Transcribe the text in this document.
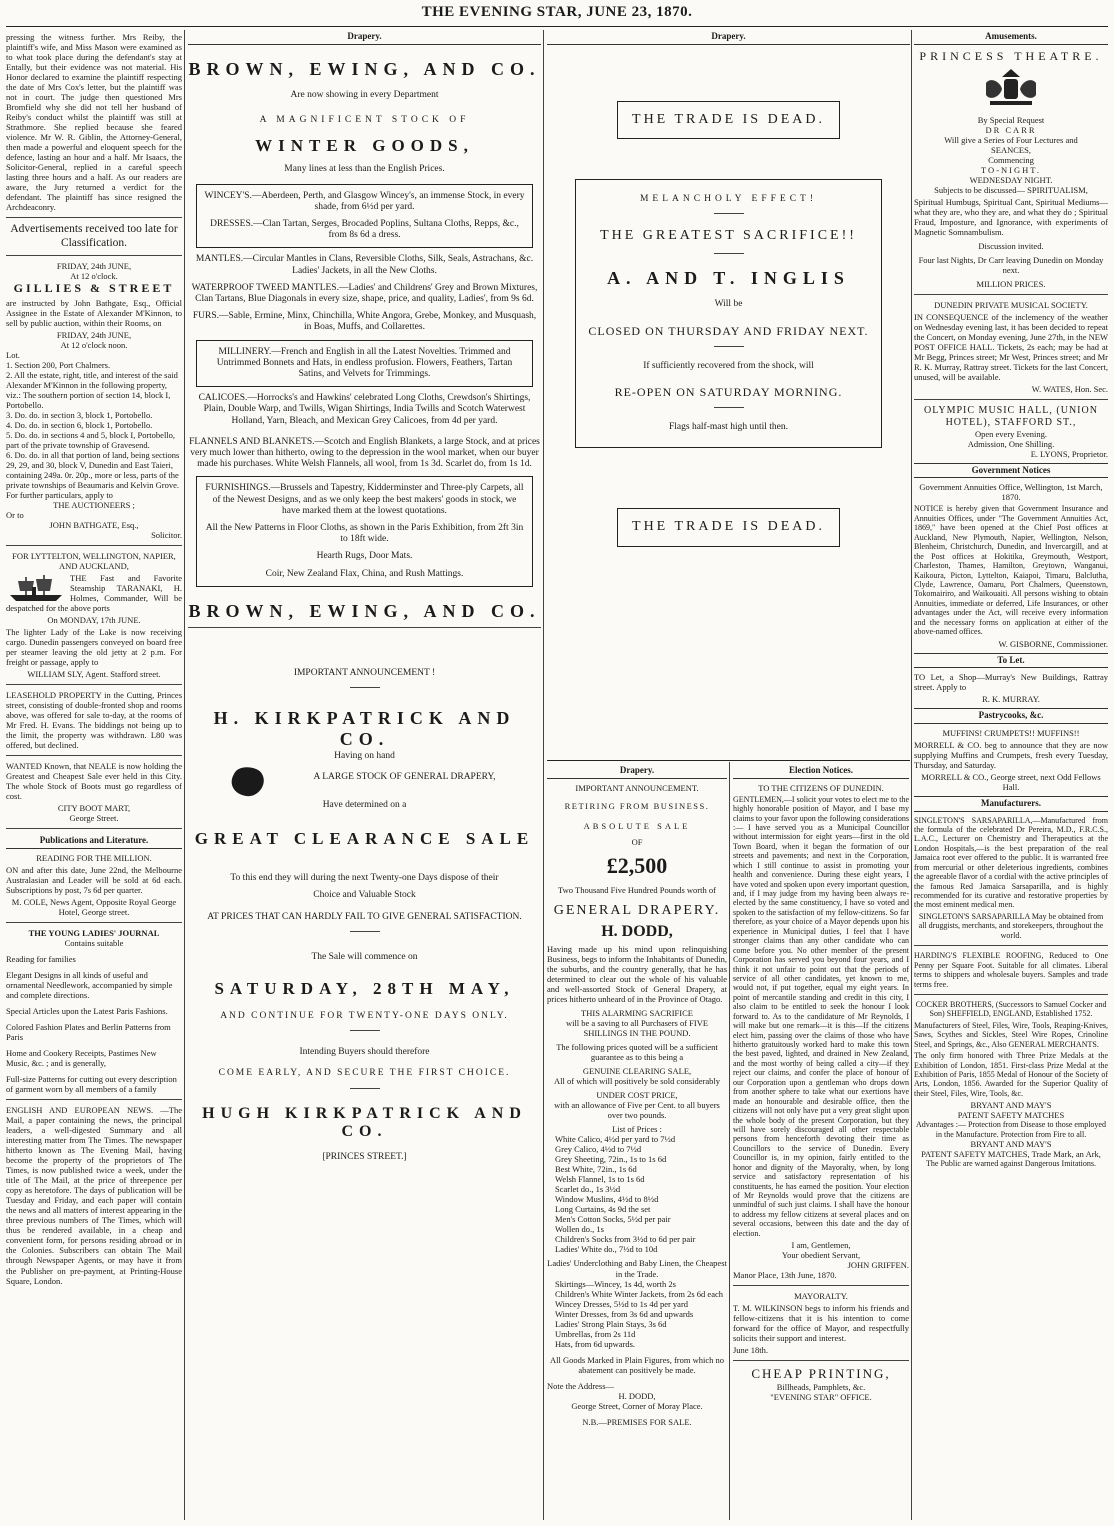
THE EVENING STAR, JUNE 23, 1870.

pressing the witness further. Mrs Reiby, the plaintiff's wife, and Miss Mason were examined as to what took place during the defendant's stay at Entally, but their evidence was not material. His Honor declared to examine the plaintiff respecting the date of Mrs Cox's letter, but the plaintiff was not in court. The judge then questioned Mrs Bromfield why she did not tell her husband of Reiby's conduct whilst the plaintiff was still at Strathmore. She replied because she feared violence. Mr W. R. Giblin, the Attorney-General, then made a powerful and eloquent speech for the defence, lasting an hour and a half. Mr Isaacs, the Solicitor-General, replied in a careful speech lasting three hours and a half. As our readers are aware, the Jury returned a verdict for the defendant. The plaintiff has since resigned the Archdeaconry.

Advertisements received too late for Classification.
FRIDAY, 24th JUNE,
At 12 o'clock.
GILLIES & STREET

are instructed by John Bathgate, Esq., Official Assignee in the Estate of Alexander M'Kinnon, to sell by public auction, within their Rooms, on

FRIDAY, 24th JUNE,
At 12 o'clock noon.
Lot.
1. Section 200, Port Chalmers.
2. All the estate, right, title, and interest of the said Alexander M'Kinnon in the following property, viz.: The southern portion of section 14, block I, Portobello.
3. Do. do. in section 3, block 1, Portobello.
4. Do. do. in section 6, block 1, Portobello.
5. Do. do. in sections 4 and 5, block I, Portobello, part of the private township of Gravesend.
6. Do. do. in all that portion of land, being sections 29, 29, and 30, block V, Dunedin and East Taieri, containing 249a. 0r. 20p., more or less, parts of the private townships of Beaumaris and Kelvin Grove.
For further particulars, apply to
THE AUCTIONEERS ;
Or to
JOHN BATHGATE, Esq.,
Solicitor.
FOR LYTTELTON, WELLINGTON, NAPIER, AND AUCKLAND,

THE Fast and Favorite Steamship TARANAKI, H. Holmes, Commander, Will be despatched for the above ports

On MONDAY, 17th JUNE.

The lighter Lady of the Lake is now receiving cargo. Dunedin passengers conveyed on board free per steamer leaving the old jetty at 2 p.m. For freight or passage, apply to

WILLIAM SLY, Agent. Stafford street.

LEASEHOLD PROPERTY in the Cutting, Princes street, consisting of double-fronted shop and rooms above, was offered for sale to-day, at the rooms of Mr Fred. H. Evans. The biddings not being up to the limit, the property was withdrawn. L80 was offered, but declined.

WANTED Known, that NEALE is now holding the Greatest and Cheapest Sale ever held in this City. The whole Stock of Boots must go regardless of cost.

CITY BOOT MART,
George Street.
Publications and Literature.
READING FOR THE MILLION.

ON and after this date, June 22nd, the Melbourne Australasian and Leader will be sold at 6d each. Subscriptions by post, 7s 6d per quarter.

M. COLE, News Agent, Opposite Royal George Hotel, George street.
THE YOUNG LADIES' JOURNAL
Contains suitable
Reading for families
Elegant Designs in all kinds of useful and ornamental Needlework, accompanied by simple and complete directions.
Special Articles upon the Latest Paris Fashions.
Colored Fashion Plates and Berlin Patterns from Paris
Home and Cookery Receipts, Pastimes New Music, &c. ; and is generally,
Full-size Patterns for cutting out every description of garment worn by all members of a family

ENGLISH AND EUROPEAN NEWS. —The Mail, a paper containing the news, the principal leaders, a well-digested Summary and all interesting matter from The Times. The newspaper hitherto known as The Evening Mail, having become the property of the proprietors of The Times, is now published twice a week, under the title of The Mail, at the price of threepence per copy as heretofore. The days of publication will be Tuesday and Friday, and each paper will contain the news and all matters of interest appearing in the three previous numbers of The Times, which will thus be rendered available, in a cheap and convenient form, for persons residing abroad or in the Colonies. Subscribers can obtain The Mail through Newspaper Agents, or may have it from the Publisher on pre-payment, at Printing-House Square, London.

Drapery.
BROWN, EWING, AND CO.
Are now showing in every Department
A MAGNIFICENT STOCK OF
WINTER GOODS,
Many lines at less than the English Prices.
WINCEY'S.—Aberdeen, Perth, and Glasgow Wincey's, an immense Stock, in every shade, from 6½d per yard.
DRESSES.—Clan Tartan, Serges, Brocaded Poplins, Sultana Cloths, Repps, &c., from 8s 6d a dress.
MANTLES.—Circular Mantles in Clans, Reversible Cloths, Silk, Seals, Astrachans, &c.
Ladies' Jackets, in all the New Cloths.
WATERPROOF TWEED MANTLES.—Ladies' and Childrens' Grey and Brown Mixtures, Clan Tartans, Blue Diagonals in every size, shape, price, and quality, Ladies', from 9s 6d.
FURS.—Sable, Ermine, Minx, Chinchilla, White Angora, Grebe, Monkey, and Musquash, in Boas, Muffs, and Collarettes.
MILLINERY.—French and English in all the Latest Novelties. Trimmed and Untrimmed Bonnets and Hats, in endless profusion. Flowers, Feathers, Tartan Satins, and Velvets for Trimmings.
CALICOES.—Horrocks's and Hawkins' celebrated Long Cloths, Crewdson's Shirtings, Plain, Double Warp, and Twills, Wigan Shirtings, India Twills and Scotch Waterwest Holland, Yarn, Bleach, and Mexican Grey Calicoes, from 4d per yard.
FLANNELS AND BLANKETS.—Scotch and English Blankets, a large Stock, and at prices very much lower than hitherto, owing to the depression in the wool market, when our buyer made his purchases. White Welsh Flannels, all wool, from 1s 3d. Scarlet do, from 1s 1d.
FURNISHINGS.—Brussels and Tapestry, Kidderminster and Three-ply Carpets, all of the Newest Designs, and as we only keep the best makers' goods in stock, we have marked them at the lowest quotations.
All the New Patterns in Floor Cloths, as shown in the Paris Exhibition, from 2ft 3in to 18ft wide.
Hearth Rugs, Door Mats.
Coir, New Zealand Flax, China, and Rush Mattings.
BROWN, EWING, AND CO.
IMPORTANT ANNOUNCEMENT !
H. KIRKPATRICK AND CO.
Having on hand
A LARGE STOCK OF GENERAL DRAPERY,
Have determined on a
GREAT CLEARANCE SALE
To this end they will during the next Twenty-one Days dispose of their
Choice and Valuable Stock
AT PRICES THAT CAN HARDLY FAIL TO GIVE GENERAL SATISFACTION.
The Sale will commence on
SATURDAY, 28TH MAY,
AND CONTINUE FOR TWENTY-ONE DAYS ONLY.
Intending Buyers should therefore
COME EARLY, AND SECURE THE FIRST CHOICE.
HUGH KIRKPATRICK AND CO.
[PRINCES STREET.]
Drapery.
THE TRADE IS DEAD.
MELANCHOLY EFFECT!
THE GREATEST SACRIFICE!!
A. AND T. INGLIS
Will be
CLOSED ON THURSDAY AND FRIDAY NEXT.
If sufficiently recovered from the shock, will
RE-OPEN ON SATURDAY MORNING.
Flags half-mast high until then.
THE TRADE IS DEAD.
Drapery.
IMPORTANT ANNOUNCEMENT.
RETIRING FROM BUSINESS.
ABSOLUTE SALE
OF
£2,500
Two Thousand Five Hundred Pounds worth of
GENERAL DRAPERY.
H. DODD,

Having made up his mind upon relinquishing Business, begs to inform the Inhabitants of Dunedin, the suburbs, and the country generally, that he has determined to clear out the whole of his valuable and well-assorted Stock of General Drapery, at prices hitherto unheard of in the Province of Otago.

THIS ALARMING SACRIFICE
will be a saving to all Purchasers of FIVE SHILLINGS IN THE POUND.
The following prices quoted will be a sufficient guarantee as to this being a
GENUINE CLEARING SALE,
All of which will positively be sold considerably
UNDER COST PRICE,
with an allowance of Five per Cent. to all buyers over two pounds.
List of Prices :
White Calico, 4½d per yard to 7½d
Grey Calico, 4½d to 7½d
Grey Sheeting, 72in., 1s to 1s 6d
Best White, 72in., 1s 6d
Welsh Flannel, 1s to 1s 6d
Scarlet do., 1s 3½d
Window Muslins, 4½d to 8½d
Long Curtains, 4s 9d the set
Men's Cotton Socks, 5½d per pair
Wollen do., 1s
Children's Socks from 3½d to 6d per pair
Ladies' White do., 7½d to 10d
Ladies' Underclothing and Baby Linen, the Cheapest in the Trade.
Skirtings—Wincey, 1s 4d, worth 2s
Children's White Winter Jackets, from 2s 6d each
Wincey Dresses, 5½d to 1s 4d per yard
Winter Dresses, from 3s 6d and upwards
Ladies' Strong Plain Stays, 3s 6d
Umbrellas, from 2s 11d
Hats, from 6d upwards.
All Goods Marked in Plain Figures, from which no abatement can positively be made.
Note the Address—
H. DODD,
George Street, Corner of Moray Place.
N.B.—PREMISES FOR SALE.
Election Notices.
TO THE CITIZENS OF DUNEDIN.

GENTLEMEN,—I solicit your votes to elect me to the highly honorable position of Mayor, and I base my claims to your favor upon the following considerations :— I have served you as a Municipal Councillor without intermission for eight years—first in the old Town Board, when it began the formation of our streets and pavements; and next in the Corporation, which I still continue to assist in promoting your health and convenience. During these eight years, I have voted and spoken upon every important question, and, if I may judge from my having been always re-elected by the same constituency, I have so voted and spoken to the satisfaction of my fellow-citizens. So far therefore, as your choice of a Mayor depends upon his experience in Municipal duties, I feel that I have stronger claims than any other candidate who can come before you. No other member of the present Corporation has served you beyond four years, and I think it not unfair to point out that the periods of service of all other candidates, yet known to me, would not, if put together, equal my eight years. In point of mercantile standing and credit in this city, I also claim to be entitled to seek the honour I look forward to. As to the candidature of Mr Reynolds, I will make but one remark—it is this—If the citizens elect him, passing over the claims of those who have hitherto gratuitously worked hard to make this town the best paved, lighted, and drained in New Zealand, and the most worthy of being called a city—if they reject our claims, and confer the place of honour of our Corporation upon a gentleman who drops down from another sphere to take what our exertions have made an honourable and desirable office, then the citizens will not only have put a very great slight upon the whole body of the present Corporation, but they will have sorely discouraged all other respectable persons from henceforth devoting their time as Councillors to the service of Dunedin. Every Councillor is, in my opinion, fairly entitled to the honor and dignity of the Mayoralty, when, by long service and satisfactory representation of his constituents, he has earned the position. Your election of Mr Reynolds would prove that the citizens are unmindful of such just claims. I shall have the honour to address my fellow citizens at several places and on several occasions, between this date and the day of election.

I am, Gentlemen,
Your obedient Servant,
JOHN GRIFFEN.
Manor Place, 13th June, 1870.
MAYORALTY.

T. M. WILKINSON begs to inform his friends and fellow-citizens that it is his intention to come forward for the office of Mayor, and respectfully solicits their support and interest.

June 18th.
CHEAP PRINTING,
Billheads, Pamphlets, &c.
"EVENING STAR" OFFICE.
Amusements.
PRINCESS THEATRE.
By Special Request
DR CARR
Will give a Series of Four Lectures and
SEANCES,
Commencing
TO-NIGHT.
WEDNESDAY NIGHT.
Subjects to be discussed— SPIRITUALISM,

Spiritual Humbugs, Spiritual Cant, Spiritual Mediums—what they are, who they are, and what they do ; Spiritual Fraud, Imposture, and Ignorance, with experiments of Magnetic Somnambulism.

Discussion invited.
Four last Nights, Dr Carr leaving Dunedin on Monday next.
MILLION PRICES.
DUNEDIN PRIVATE MUSICAL SOCIETY.

IN CONSEQUENCE of the inclemency of the weather on Wednesday evening last, it has been decided to repeat the Concert, on Monday evening, June 27th, in the NEW POST OFFICE HALL. Tickets, 2s each; may be had at Mr Begg, Princes street; Mr West, Princes street; and Mr R. K. Murray, Rattray street. Tickets for the last Concert, unused, will be available.

W. WATES, Hon. Sec.
OLYMPIC MUSIC HALL, (UNION HOTEL), STAFFORD ST.,
Open every Evening.
Admission, One Shilling.
E. LYONS, Proprietor.
Government Notices
Government Annuities Office, Wellington, 1st March, 1870.

NOTICE is hereby given that Government Insurance and Annuities Offices, under "The Government Annuities Act, 1869," have been opened at the Chief Post offices at Auckland, New Plymouth, Napier, Wellington, Nelson, Blenheim, Christchurch, Dunedin, and Invercargill, and at the Post offices at Hokitika, Greymouth, Westport, Charleston, Thames, Hamilton, Greytown, Wanganui, Kaikoura, Picton, Lyttelton, Kaiapoi, Timaru, Balclutha, Clyde, Lawrence, Oamaru, Port Chalmers, Queenstown, Tokomairiro, and Waikouaiti. All persons wishing to obtain Annuities, immediate or deferred, Life Insurances, or other advantages under the Act, will receive every information and the necessary forms on application at either of the above-named offices.

W. GISBORNE, Commissioner.
To Let.

TO Let, a Shop—Murray's New Buildings, Rattray street. Apply to

R. K. MURRAY.
Pastrycooks, &c.
MUFFINS! CRUMPETS!! MUFFINS!!

MORRELL & CO. beg to announce that they are now supplying Muffins and Crumpets, fresh every Tuesday, Thursday, and Saturday.

MORRELL & CO., George street, next Odd Fellows Hall.
Manufacturers.

SINGLETON'S SARSAPARILLA,—Manufactured from the formula of the celebrated Dr Pereira, M.D., F.R.C.S., L.A.C., Lecturer on Chemistry and Therapeutics at the London Hospitals,—is the best preparation of the real Jamaica root ever offered to the public. It is warranted free from mercurial or other deleterious ingredients, combines the agreeable flavor of a cordial with the active principles of the famous Red Jamaica Sarsaparilla, and is highly recommended for its curative and restorative properties by the most eminent medical men.

SINGLETON'S SARSAPARILLA May be obtained from all druggists, merchants, and storekeepers, throughout the world.

HARDING'S FLEXIBLE ROOFING, Reduced to One Penny per Square Foot. Suitable for all climates. Liberal terms to shippers and wholesale buyers. Samples and trade terms free.

COCKER BROTHERS, (Successors to Samuel Cocker and Son) SHEFFIELD, ENGLAND, Established 1752.

Manufacturers of Steel, Files, Wire, Tools, Reaping-Knives, Saws, Scythes and Sickles, Steel Wire Ropes, Crinoline Steel, and Springs, &c., Also GENERAL MERCHANTS.

The only firm honored with Three Prize Medals at the Exhibition of London, 1851. First-class Prize Medal at the Exhibition of Paris, 1855 Medal of Honour of the Society of Arts, London, 1856. Awarded for the Superior Quality of their Steel, Files, Wire, Tools, &c.

BRYANT AND MAY'S
PATENT SAFETY MATCHES
Advantages :— Protection from Disease to those employed in the Manufacture. Protection from Fire to all.
BRYANT AND MAY'S
PATENT SAFETY MATCHES, Trade Mark, an Ark,
The Public are warned against Dangerous Imitations.
